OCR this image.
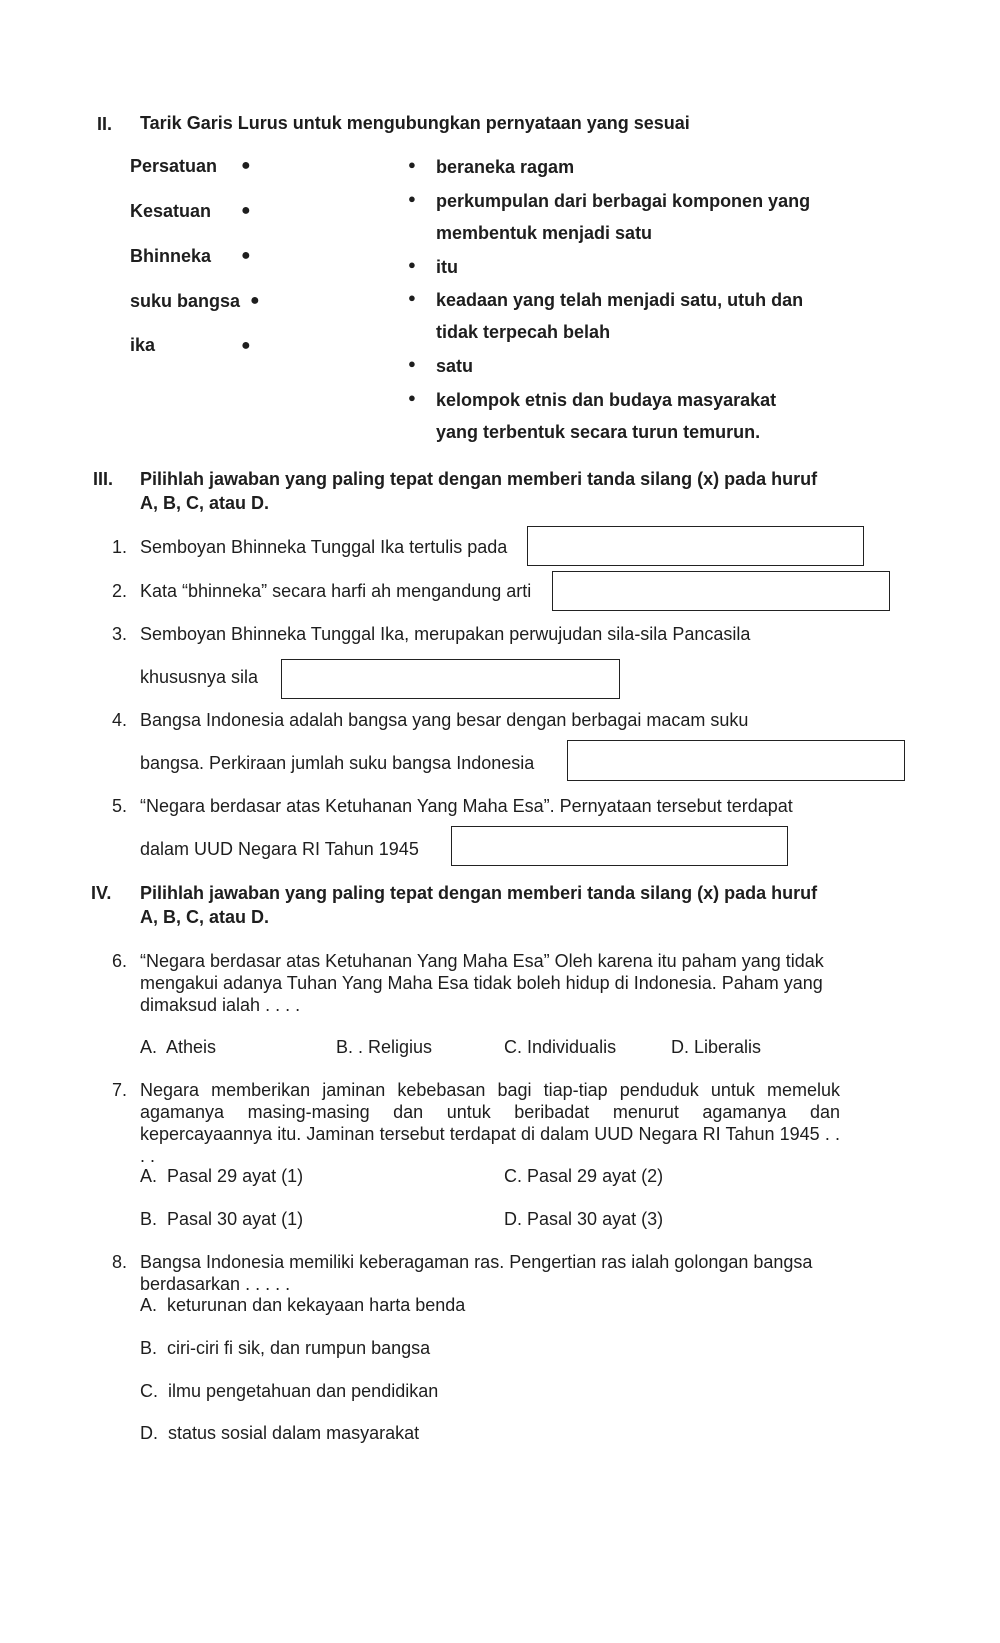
II. Tarik Garis Lurus untuk mengubungkan pernyataan yang sesuai
Persatuan ●
Kesatuan ●
Bhinneka ●
suku bangsa ●
ika	●
● beraneka ragam
● perkumpulan dari berbagai komponen yang
membentuk menjadi satu
● itu
● keadaan yang telah menjadi satu, utuh dan
tidak terpecah belah
● satu
● kelompok etnis dan budaya masyarakat
yang terbentuk secara turun temurun.
III. Pilihlah jawaban yang paling tepat dengan memberi tanda silang (x) pada huruf A, B, C, atau D.
1. Semboyan Bhinneka Tunggal Ika tertulis pada
2. Kata “bhinneka” secara harfi ah mengandung arti
3. Semboyan Bhinneka Tunggal Ika, merupakan perwujudan sila-sila Pancasila
khususnya sila
4. Bangsa Indonesia adalah bangsa yang besar dengan berbagai macam suku
bangsa. Perkiraan jumlah suku bangsa Indonesia
5. “Negara berdasar atas Ketuhanan Yang Maha Esa”. Pernyataan tersebut terdapat
dalam UUD Negara RI Tahun 1945
IV. Pilihlah jawaban yang paling tepat dengan memberi tanda silang (x) pada huruf A, B, C, atau D.
6. “Negara berdasar atas Ketuhanan Yang Maha Esa” Oleh karena itu paham yang tidak mengakui adanya Tuhan Yang Maha Esa tidak boleh hidup di Indonesia. Paham yang dimaksud ialah . . . .
A. Atheis	B. . Religius	C. Individualis	D. Liberalis
7. Negara memberikan jaminan kebebasan bagi tiap-tiap penduduk untuk memeluk agamanya masing-masing dan untuk beribadat menurut agamanya dan kepercayaannya itu. Jaminan tersebut terdapat di dalam UUD Negara RI Tahun 1945 . . . .
A. Pasal 29 ayat (1)	C. Pasal 29 ayat (2)
B. Pasal 30 ayat (1)	D. Pasal 30 ayat (3)
8. Bangsa Indonesia memiliki keberagaman ras. Pengertian ras ialah golongan bangsa berdasarkan . . . . .
A. keturunan dan kekayaan harta benda
B. ciri-ciri fi sik, dan rumpun bangsa
C. ilmu pengetahuan dan pendidikan
D. status sosial dalam masyarakat
